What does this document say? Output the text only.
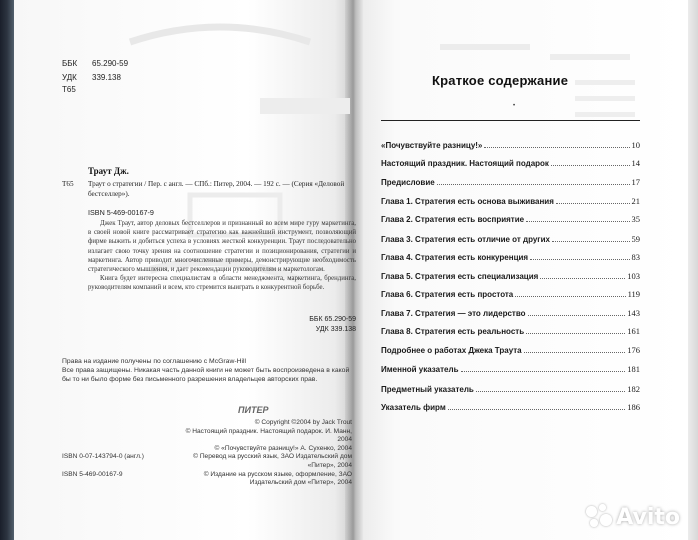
ББК	65.290-59
УДК	339.138
Т65
Траут Дж.
Т65 Траут о стратегии / Пер. с англ. — СПб.: Питер, 2004. — 192 с. — (Серия «Деловой бестселлер»).
ISBN 5-469-00167-9

Джек Траут, автор деловых бестселлеров и признанный во всем мире гуру маркетинга, в своей новой книге рассматривает стратегию как важнейший инструмент, позволяющий фирме выжить и добиться успеха в условиях жесткой конкуренции. Траут последовательно излагает свою точку зрения на соотношение стратегии и позиционирования, стратегии и маркетинга. Автор приводит многочисленные примеры, демонстрирующие необходимость стратегического мышления, и дает рекомендации руководителям и маркетологам.

Книга будет интересна специалистам в области менеджмента, маркетинга, брендинга, руководителям компаний и всем, кто стремится выиграть в конкурентной борьбе.

ББК 65.290-59
УДК 339.138
Права на издание получены по соглашению с McGraw-Hill
Все права защищены. Никакая часть данной книги не может быть воспроизведена в какой бы то ни было форме без письменного разрешения владельцев авторских прав.
ПИТЕР
© Copyright ©2004 by Jack Trout
© Настоящий праздник. Настоящий подарок. И. Манн, 2004
© «Почувствуйте разницу!» А. Сухенко, 2004
ISBN 0-07-143794-0 (англ.)	© Перевод на русский язык, ЗАО Издательский дом «Питер», 2004
ISBN 5-469-00167-9	© Издание на русском языке, оформление, ЗАО Издательский дом «Питер», 2004
Краткое содержание
•
«Почувствуйте разницу!»	10
Настоящий праздник. Настоящий подарок	14
Предисловие	17
Глава 1. Стратегия есть основа выживания	21
Глава 2. Стратегия есть восприятие	35
Глава 3. Стратегия есть отличие от других	59
Глава 4. Стратегия есть конкуренция	83
Глава 5. Стратегия есть специализация	103
Глава 6. Стратегия есть простота	119
Глава 7. Стратегия — это лидерство	143
Глава 8. Стратегия есть реальность	161
Подробнее о работах Джека Траута	176
Именной указатель	181
Предметный указатель	182
Указатель фирм	186
Avito
